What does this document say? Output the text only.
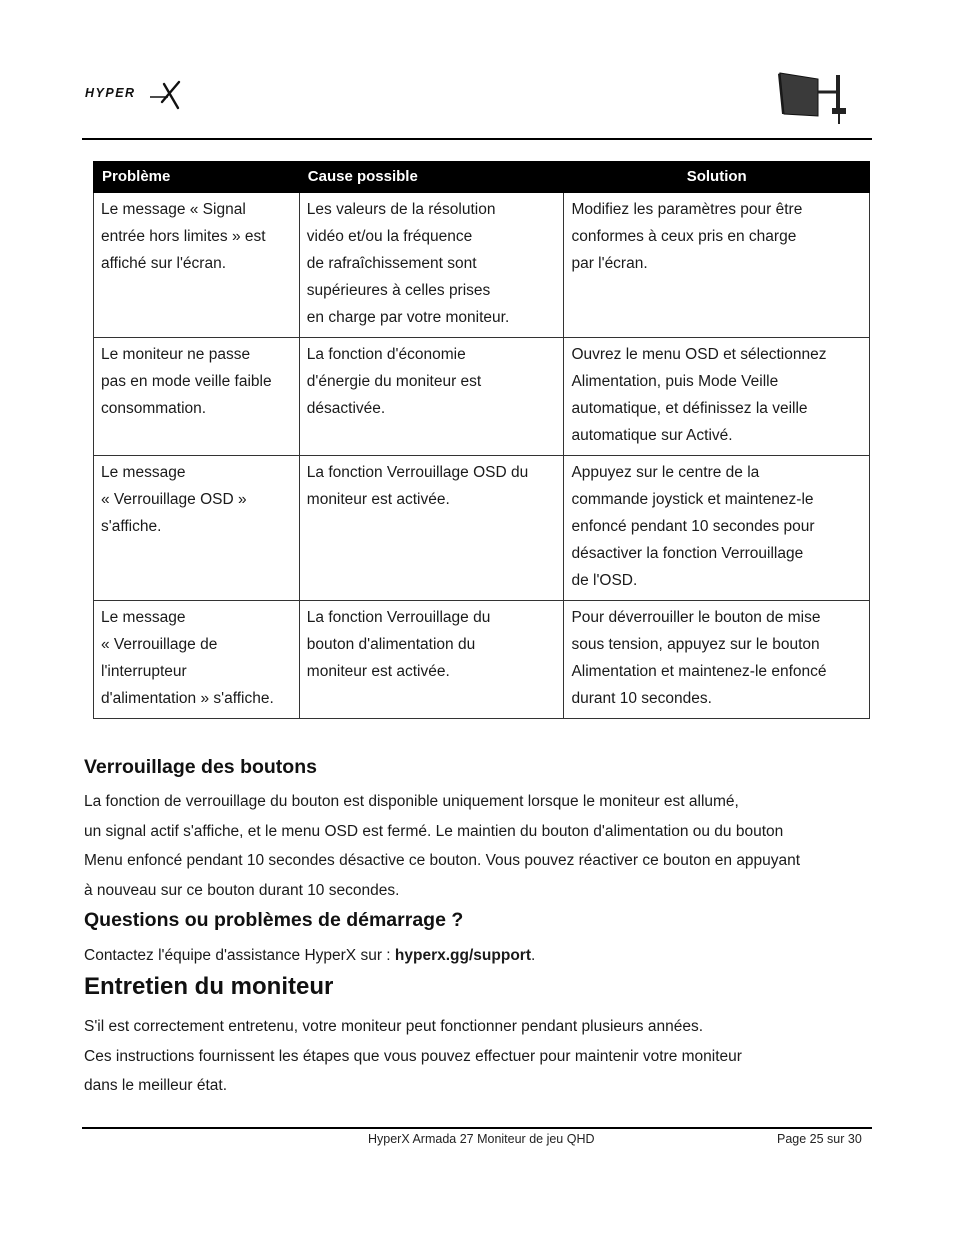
HYPER
Problème	Cause possible	Solution

Le message « Signal
entrée hors limites » est
affiché sur l'écran.	Les valeurs de la résolution
vidéo et/ou la fréquence
de rafraîchissement sont
supérieures à celles prises
en charge par votre moniteur.	Modifiez les paramètres pour être
conformes à ceux pris en charge
par l'écran.

Le moniteur ne passe
pas en mode veille faible
consommation.	La fonction d'économie
d'énergie du moniteur est
désactivée.	Ouvrez le menu OSD et sélectionnez
Alimentation, puis Mode Veille
automatique, et définissez la veille
automatique sur Activé.

Le message
« Verrouillage OSD »
s'affiche.	La fonction Verrouillage OSD du
moniteur est activée.	Appuyez sur le centre de la
commande joystick et maintenez-le
enfoncé pendant 10 secondes pour
désactiver la fonction Verrouillage
de l'OSD.

Le message
« Verrouillage de
l'interrupteur
d'alimentation » s'affiche.	La fonction Verrouillage du
bouton d'alimentation du
moniteur est activée.	Pour déverrouiller le bouton de mise
sous tension, appuyez sur le bouton
Alimentation et maintenez-le enfoncé
durant 10 secondes.
Verrouillage des boutons
La fonction de verrouillage du bouton est disponible uniquement lorsque le moniteur est allumé,
un signal actif s'affiche, et le menu OSD est fermé. Le maintien du bouton d'alimentation ou du bouton
Menu enfoncé pendant 10 secondes désactive ce bouton. Vous pouvez réactiver ce bouton en appuyant
à nouveau sur ce bouton durant 10 secondes.
Questions ou problèmes de démarrage ?
Contactez l'équipe d'assistance HyperX sur : hyperx.gg/support.
Entretien du moniteur
S'il est correctement entretenu, votre moniteur peut fonctionner pendant plusieurs années.
Ces instructions fournissent les étapes que vous pouvez effectuer pour maintenir votre moniteur
dans le meilleur état.
HyperX Armada 27 Moniteur de jeu QHD	Page 25 sur 30
